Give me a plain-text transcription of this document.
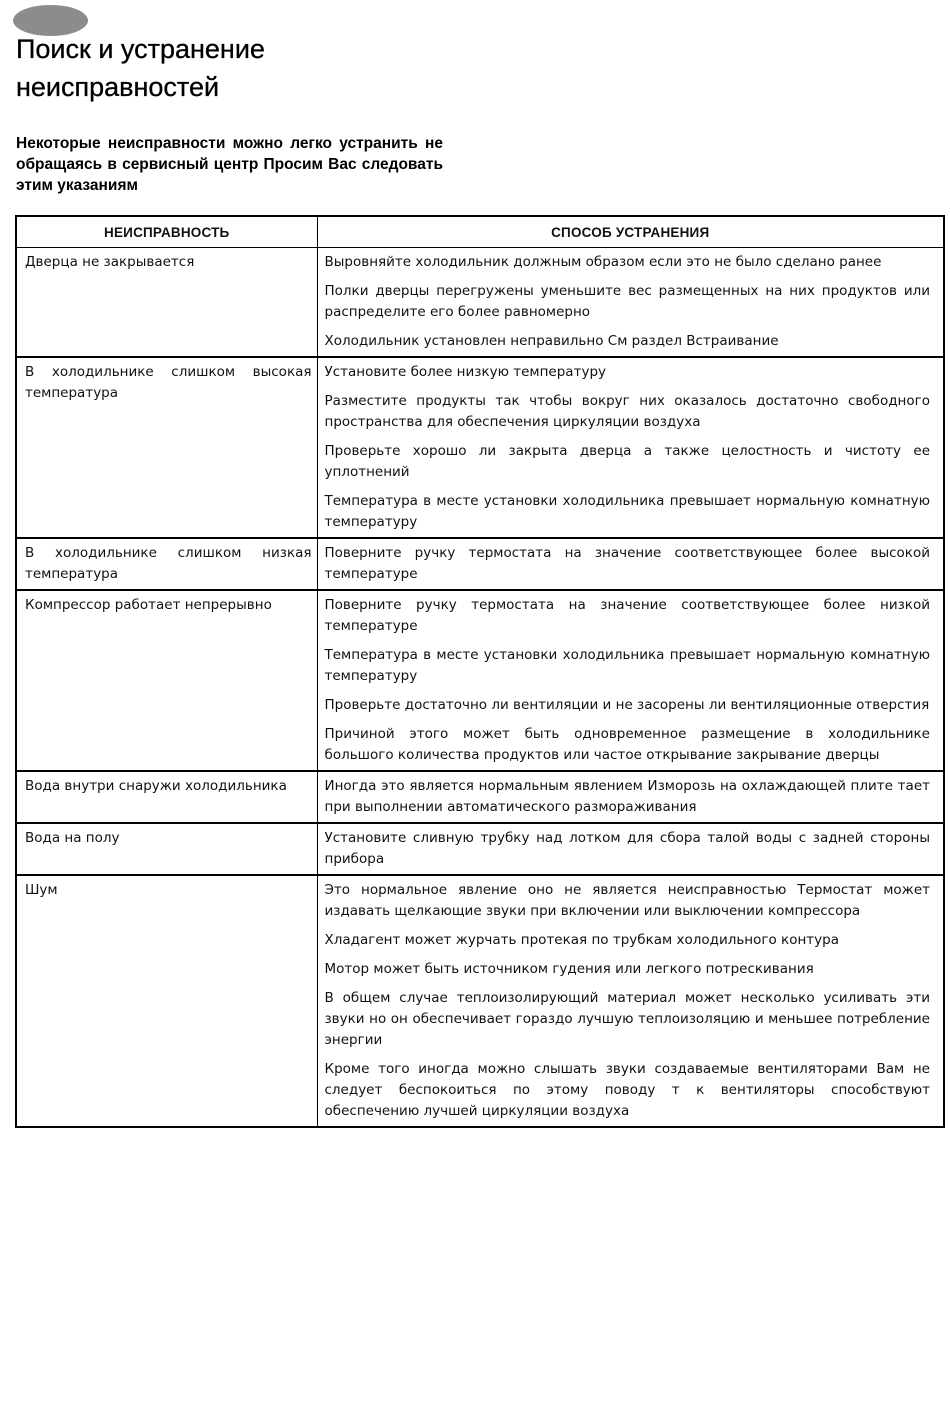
Поиск и устранение
неисправностей

Некоторые неисправности можно легко устранить не обращаясь в сервисный центр Просим Вас следовать этим указаниям

НЕИСПРАВНОСТЬ	СПОСОБ УСТРАНЕНИЯ
Дверца не закрывается	Выровняйте холодильник должным образом если это не было сделано ранее

Полки дверцы перегружены уменьшите вес размещенных на них продуктов или распределите его более равномерно

Холодильник установлен неправильно См раздел Встраивание

В холодильнике слишком высокая температура	Установите более низкую температуру

Разместите продукты так чтобы вокруг них оказалось достаточно свободного пространства для обеспечения циркуляции воздуха

Проверьте хорошо ли закрыта дверца а также целостность и чистоту ее уплотнений

Температура в месте установки холодильника превышает нормальную комнатную температуру

В холодильнике слишком низкая температура	Поверните ручку термостата на значение соответствующее более высокой температуре

Компрессор работает непрерывно	Поверните ручку термостата на значение соответствующее более низкой температуре

Температура в месте установки холодильника превышает нормальную комнатную температуру

Проверьте достаточно ли вентиляции и не засорены ли вентиляционные отверстия

Причиной этого может быть одновременное размещение в холодильнике большого количества продуктов или частое открывание закрывание дверцы

Вода внутри снаружи холодильника	Иногда это является нормальным явлением Изморозь на охлаждающей плите тает при выполнении автоматического размораживания

Вода на полу	Установите сливную трубку над лотком для сбора талой воды с задней стороны прибора

Шум	Это нормальное явление оно не является неисправностью Термостат может издавать щелкающие звуки при включении или выключении компрессора

Хладагент может журчать протекая по трубкам холодильного контура

Мотор может быть источником гудения или легкого потрескивания

В общем случае теплоизолирующий материал может несколько усиливать эти звуки но он обеспечивает гораздо лучшую теплоизоляцию и меньшее потребление энергии

Кроме того иногда можно слышать звуки создаваемые вентиляторами Вам не следует беспокоиться по этому поводу т к вентиляторы способствуют обеспечению лучшей циркуляции воздуха
